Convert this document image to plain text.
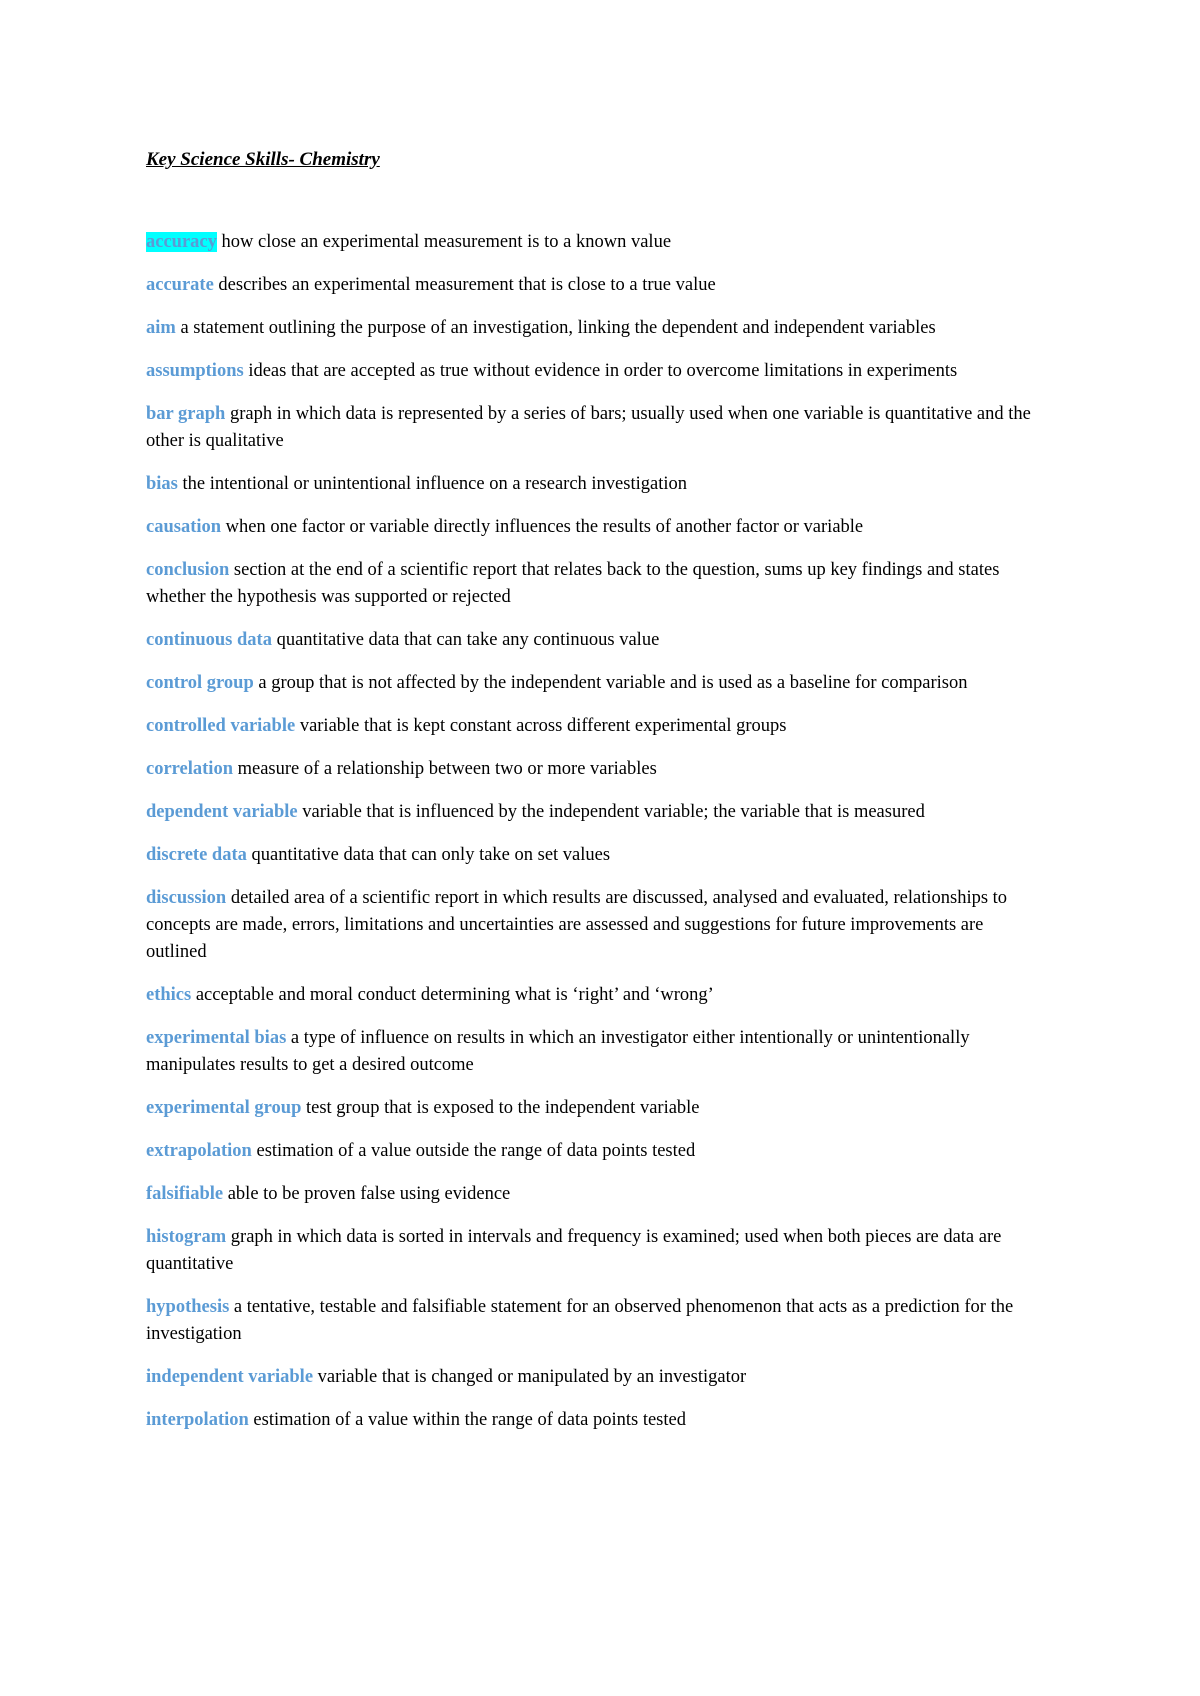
Key Science Skills- Chemistry

accuracy how close an experimental measurement is to a known value

accurate describes an experimental measurement that is close to a true value

aim a statement outlining the purpose of an investigation, linking the dependent and independent variables

assumptions ideas that are accepted as true without evidence in order to overcome limitations in experiments

bar graph graph in which data is represented by a series of bars; usually used when one variable is quantitative and the other is qualitative

bias the intentional or unintentional influence on a research investigation

causation when one factor or variable directly influences the results of another factor or variable

conclusion section at the end of a scientific report that relates back to the question, sums up key findings and states whether the hypothesis was supported or rejected

continuous data quantitative data that can take any continuous value

control group a group that is not affected by the independent variable and is used as a baseline for comparison

controlled variable variable that is kept constant across different experimental groups

correlation measure of a relationship between two or more variables

dependent variable variable that is influenced by the independent variable; the variable that is measured

discrete data quantitative data that can only take on set values

discussion detailed area of a scientific report in which results are discussed, analysed and evaluated, relationships to concepts are made, errors, limitations and uncertainties are assessed and suggestions for future improvements are outlined

ethics acceptable and moral conduct determining what is ‘right’ and ‘wrong’

experimental bias a type of influence on results in which an investigator either intentionally or unintentionally manipulates results to get a desired outcome

experimental group test group that is exposed to the independent variable

extrapolation estimation of a value outside the range of data points tested

falsifiable able to be proven false using evidence

histogram graph in which data is sorted in intervals and frequency is examined; used when both pieces are data are quantitative

hypothesis a tentative, testable and falsifiable statement for an observed phenomenon that acts as a prediction for the investigation

independent variable variable that is changed or manipulated by an investigator

interpolation estimation of a value within the range of data points tested
